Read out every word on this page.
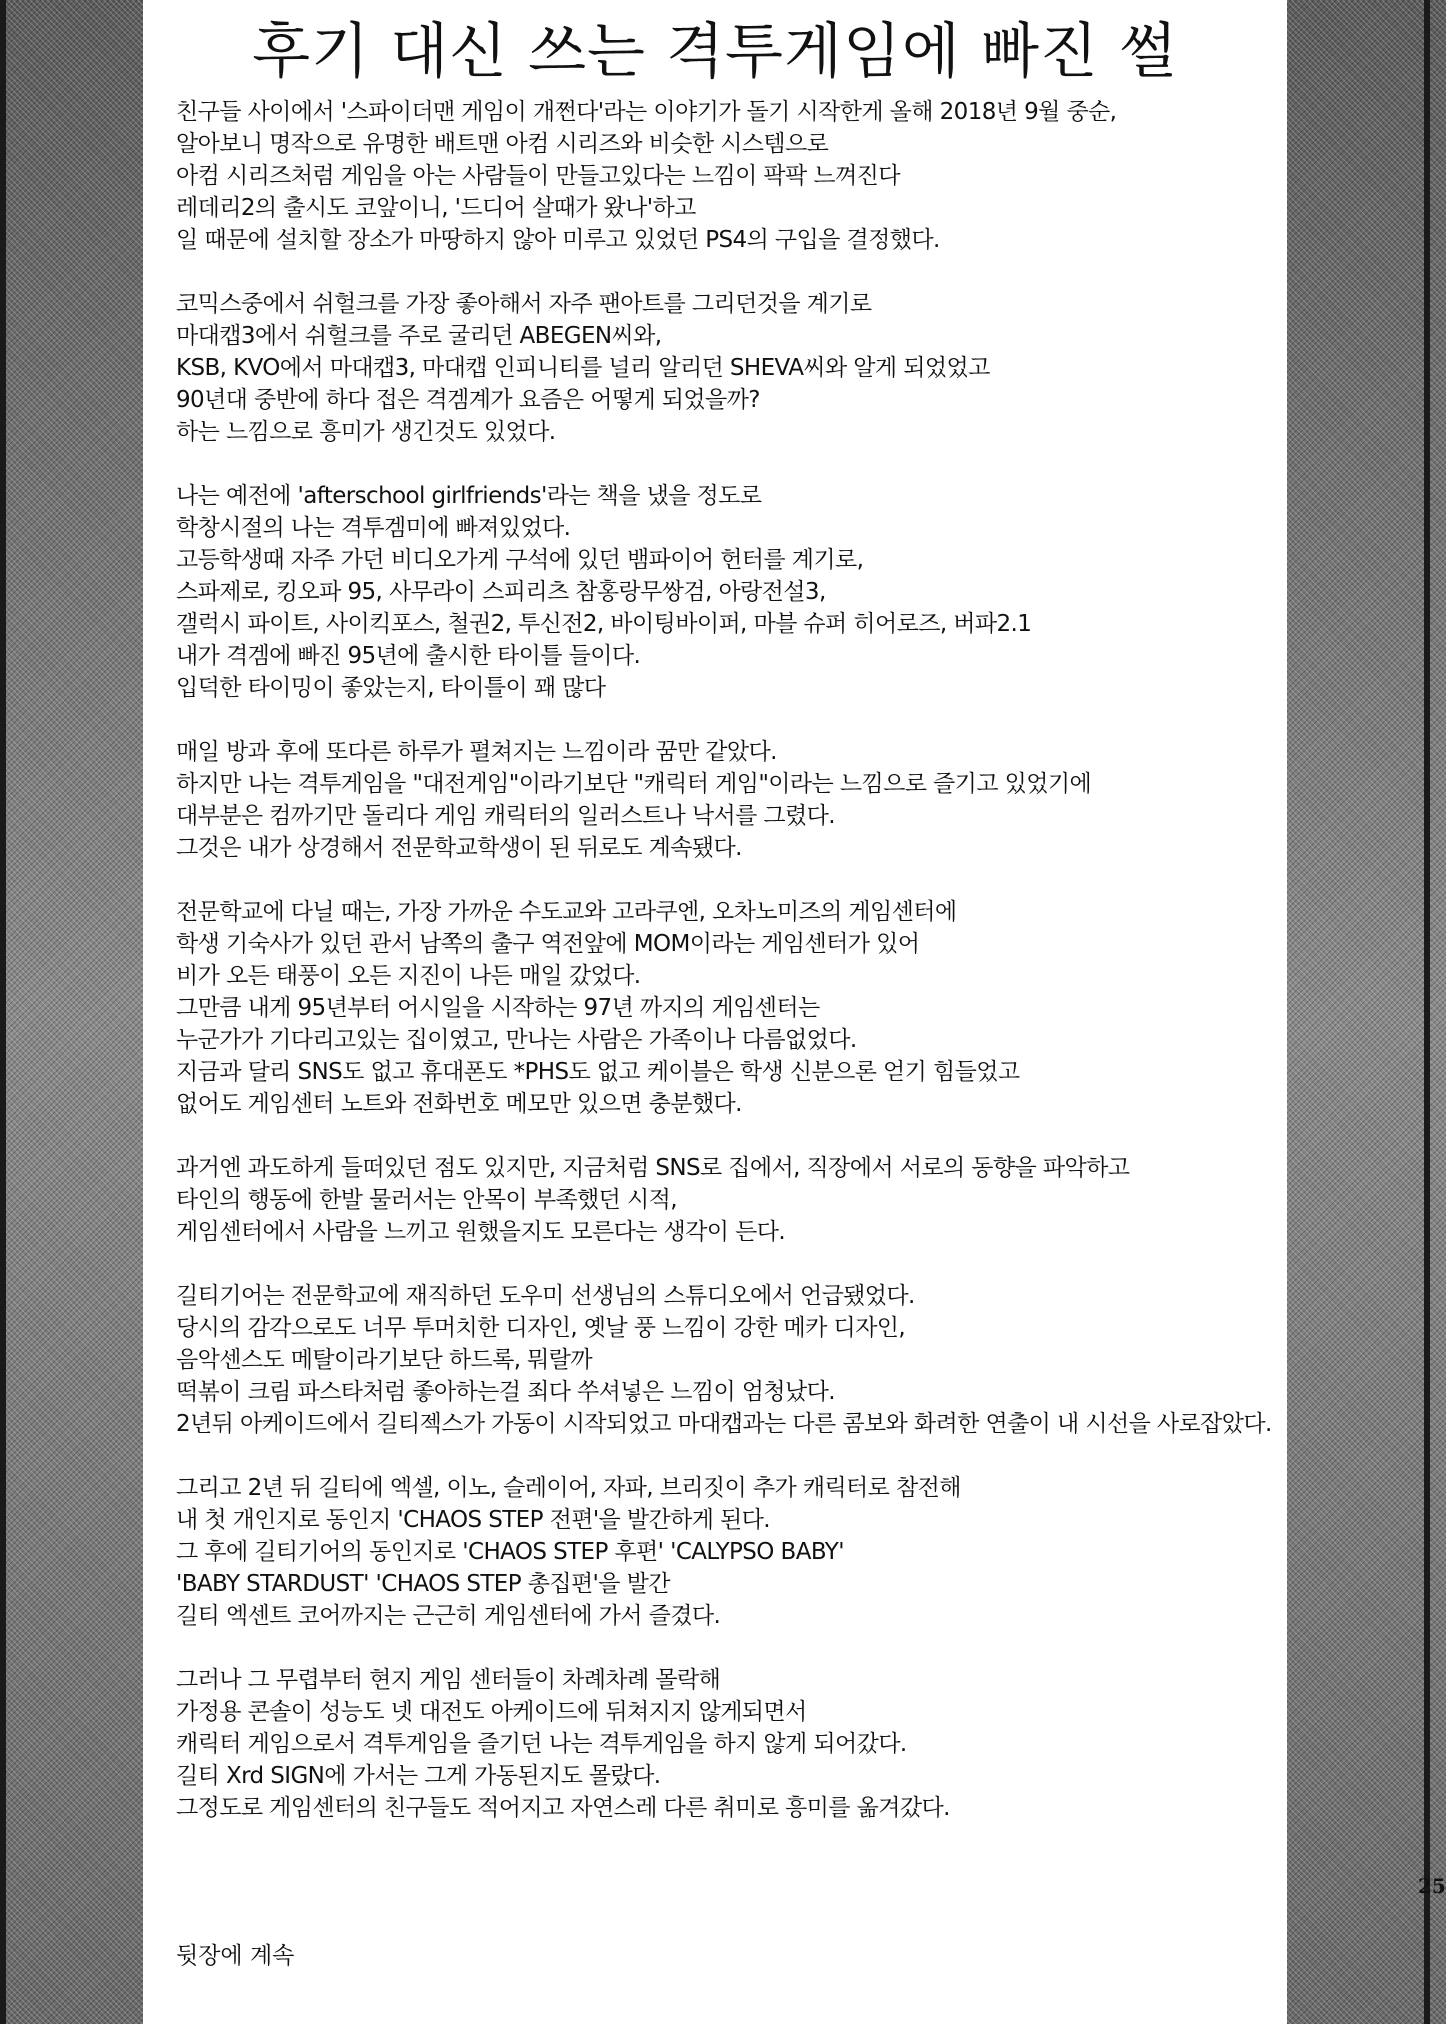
후기 대신 쓰는 격투게임에 빠진 썰
친구들 사이에서 '스파이더맨 게임이 개쩐다'라는 이야기가 돌기 시작한게 올해 2018년 9월 중순,
알아보니 명작으로 유명한 배트맨 아컴 시리즈와 비슷한 시스템으로
아컴 시리즈처럼 게임을 아는 사람들이 만들고있다는 느낌이 팍팍 느껴진다
레데리2의 출시도 코앞이니, '드디어 살때가 왔나'하고
일 때문에 설치할 장소가 마땅하지 않아 미루고 있었던 PS4의 구입을 결정했다.
코믹스중에서 쉬헐크를 가장 좋아해서 자주 팬아트를 그리던것을 계기로
마대캡3에서 쉬헐크를 주로 굴리던 ABEGEN씨와,
KSB, KVO에서 마대캡3, 마대캡 인피니티를 널리 알리던 SHEVA씨와 알게 되었었고
90년대 중반에 하다 접은 격겜계가 요즘은 어떻게 되었을까?
하는 느낌으로 흥미가 생긴것도 있었다.
나는 예전에 'afterschool girlfriends'라는 책을 냈을 정도로
학창시절의 나는 격투겜미에 빠져있었다.
고등학생때 자주 가던 비디오가게 구석에 있던 뱀파이어 헌터를 계기로,
스파제로, 킹오파 95, 사무라이 스피리츠 참홍랑무쌍검, 아랑전설3,
갤럭시 파이트, 사이킥포스, 철권2, 투신전2, 바이팅바이퍼, 마블 슈퍼 히어로즈, 버파2.1
내가 격겜에 빠진 95년에 출시한 타이틀 들이다.
입덕한 타이밍이 좋았는지, 타이틀이 꽤 많다
매일 방과 후에 또다른 하루가 펼쳐지는 느낌이라 꿈만 같았다.
하지만 나는 격투게임을 "대전게임"이라기보단 "캐릭터 게임"이라는 느낌으로 즐기고 있었기에
대부분은 컴까기만 돌리다 게임 캐릭터의 일러스트나 낙서를 그렸다.
그것은 내가 상경해서 전문학교학생이 된 뒤로도 계속됐다.
전문학교에 다닐 때는, 가장 가까운 수도교와 고라쿠엔, 오차노미즈의 게임센터에
학생 기숙사가 있던 관서 남쪽의 출구 역전앞에 MOM이라는 게임센터가 있어
비가 오든 태풍이 오든 지진이 나든 매일 갔었다.
그만큼 내게 95년부터 어시일을 시작하는 97년 까지의 게임센터는
누군가가 기다리고있는 집이였고, 만나는 사람은 가족이나 다름없었다.
지금과 달리 SNS도 없고 휴대폰도 *PHS도 없고 케이블은 학생 신분으론 얻기 힘들었고
없어도 게임센터 노트와 전화번호 메모만 있으면 충분했다.
과거엔 과도하게 들떠있던 점도 있지만, 지금처럼 SNS로 집에서, 직장에서 서로의 동향을 파악하고
타인의 행동에 한발 물러서는 안목이 부족했던 시적,
게임센터에서 사람을 느끼고 원했을지도 모른다는 생각이 든다.
길티기어는 전문학교에 재직하던 도우미 선생님의 스튜디오에서 언급됐었다.
당시의 감각으로도 너무 투머치한 디자인, 옛날 풍 느낌이 강한 메카 디자인,
음악센스도 메탈이라기보단 하드록, 뭐랄까
떡볶이 크림 파스타처럼 좋아하는걸 죄다 쑤셔넣은 느낌이 엄청났다.
2년뒤 아케이드에서 길티젝스가 가동이 시작되었고 마대캡과는 다른 콤보와 화려한 연출이 내 시선을 사로잡았다.
그리고 2년 뒤 길티에 엑셀, 이노, 슬레이어, 자파, 브리짓이 추가 캐릭터로 참전해
내 첫 개인지로 동인지 'CHAOS STEP 전편'을 발간하게 된다.
그 후에 길티기어의 동인지로 'CHAOS STEP 후편' 'CALYPSO BABY'
'BABY STARDUST' 'CHAOS STEP 총집편'을 발간
길티 엑센트 코어까지는 근근히 게임센터에 가서 즐겼다.
그러나 그 무렵부터 현지 게임 센터들이 차례차례 몰락해
가정용 콘솔이 성능도 넷 대전도 아케이드에 뒤쳐지지 않게되면서
캐릭터 게임으로서 격투게임을 즐기던 나는 격투게임을 하지 않게 되어갔다.
길티 Xrd SIGN에 가서는 그게 가동된지도 몰랐다.
그정도로 게임센터의 친구들도 적어지고 자연스레 다른 취미로 흥미를 옮겨갔다.
25
뒷장에 계속
